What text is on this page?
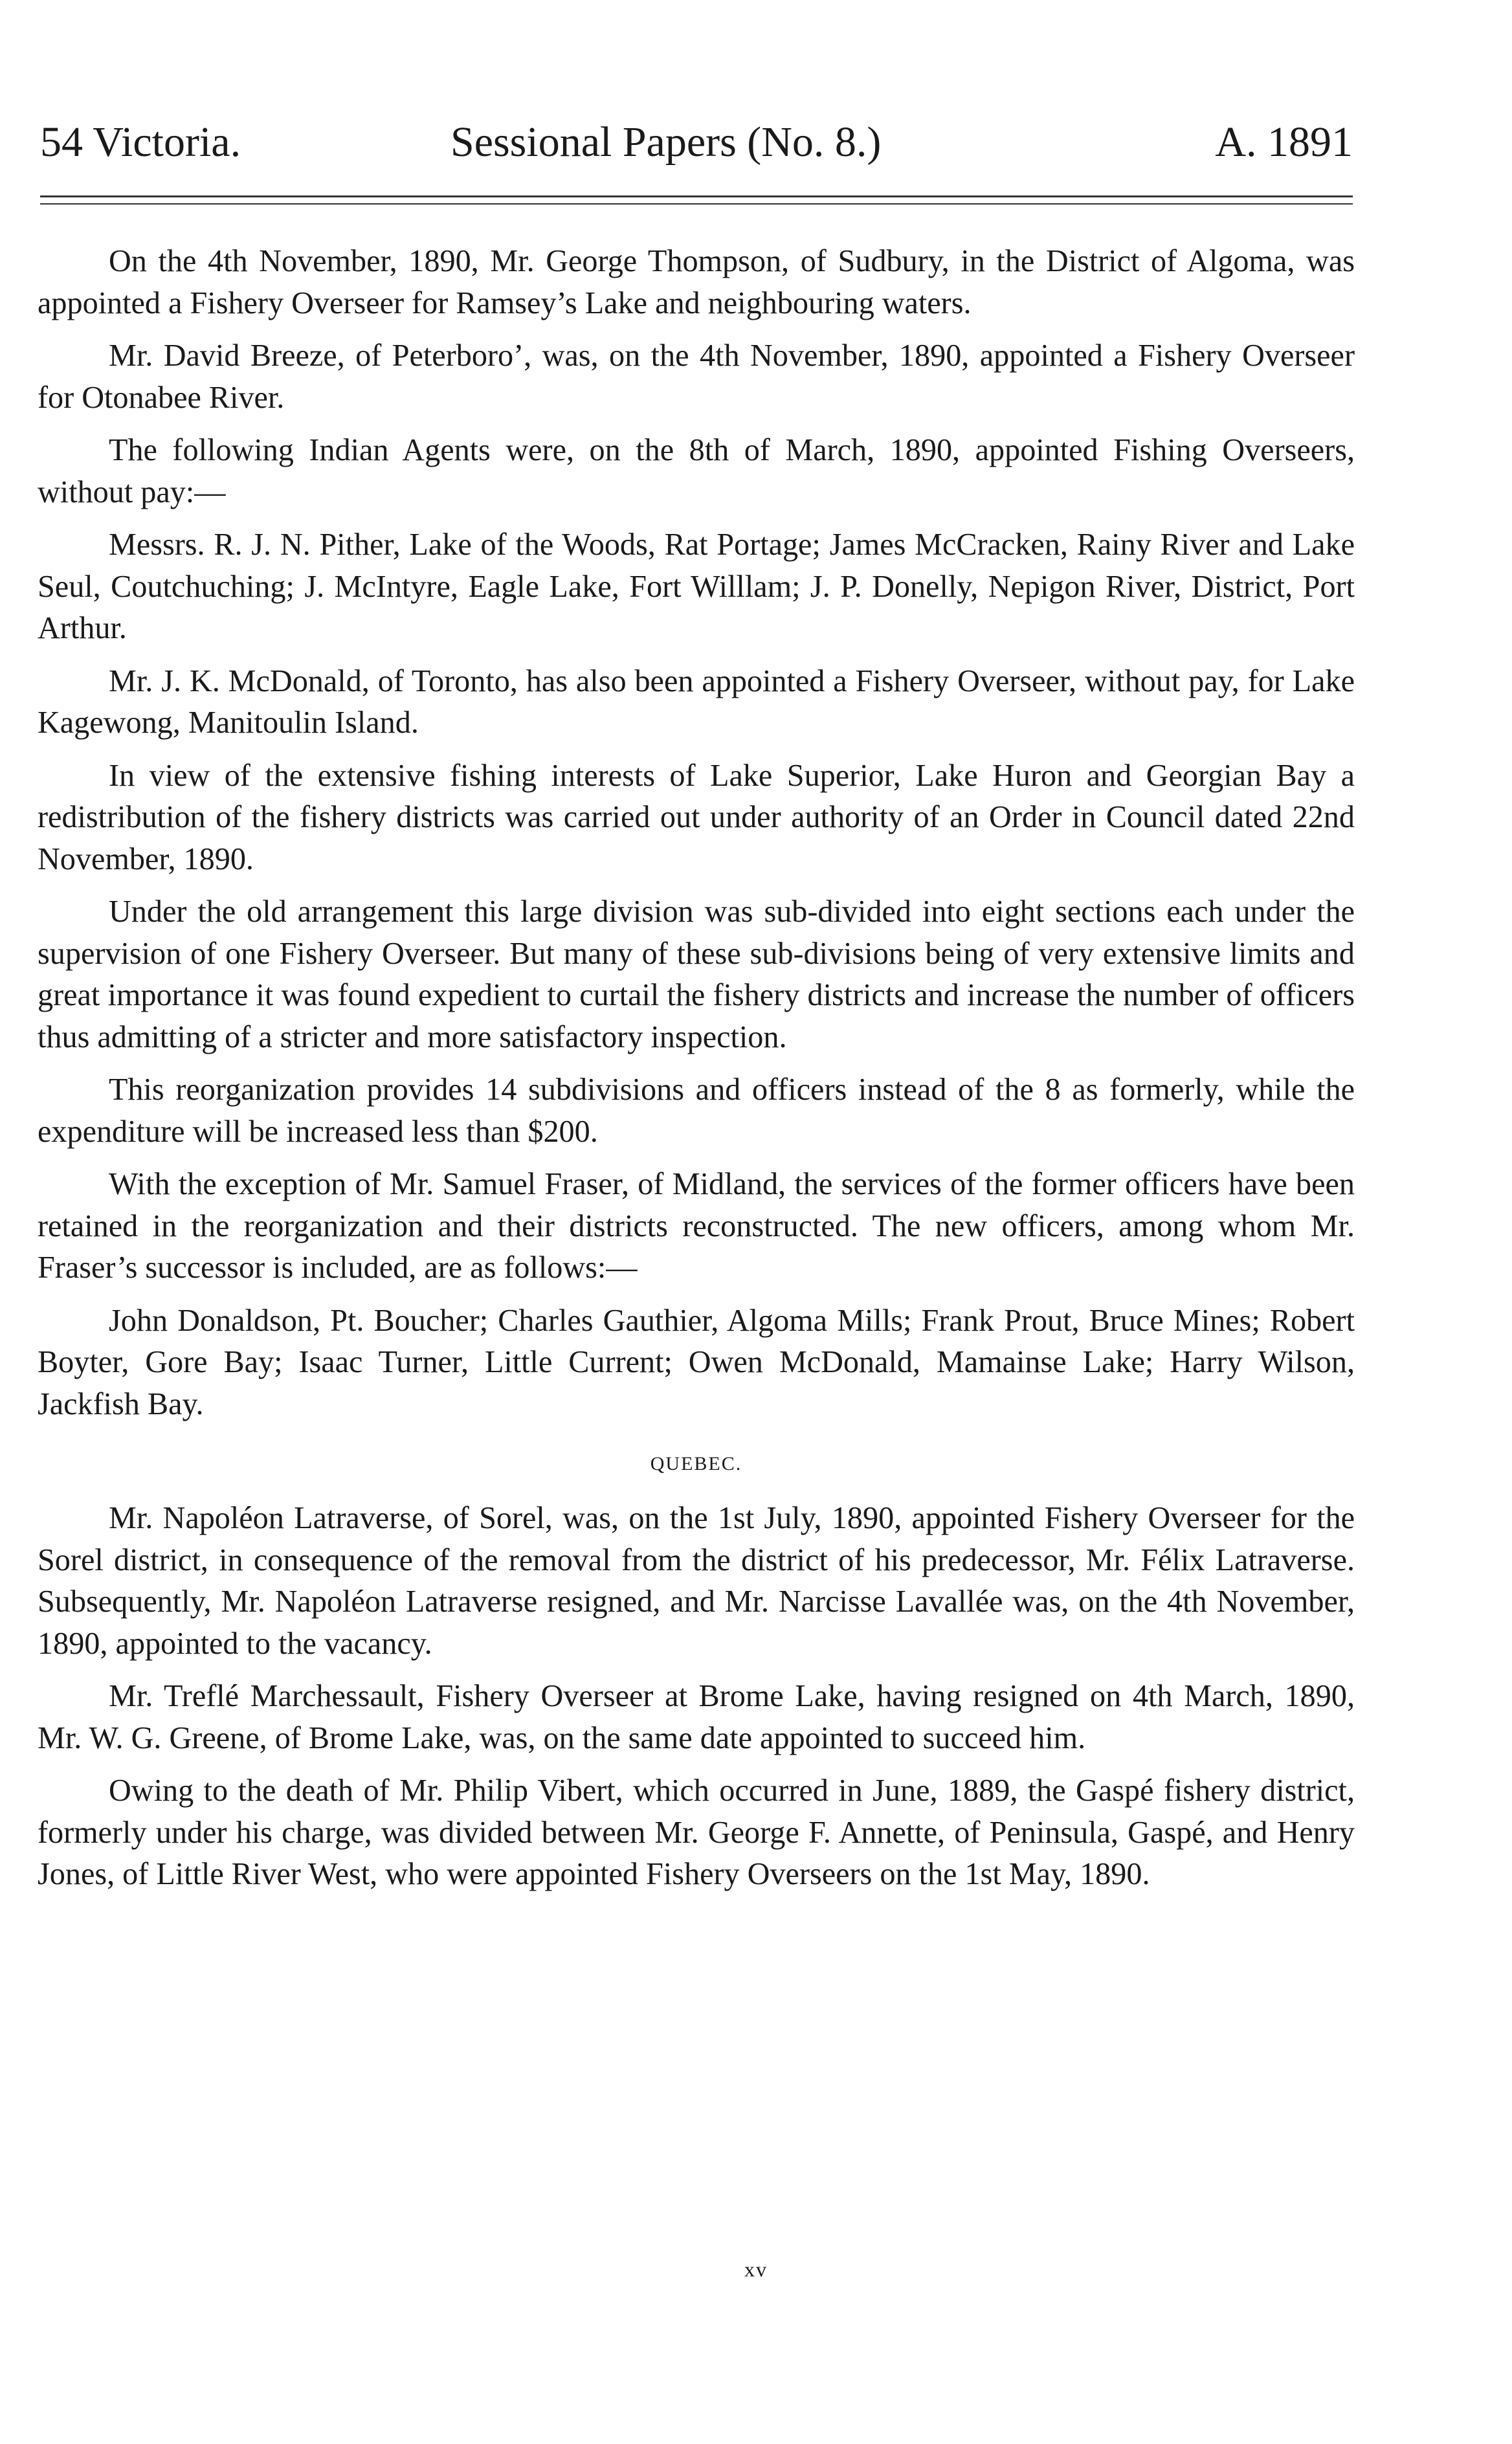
54 Victoria.	Sessional Papers (No. 8.)	A. 1891

On the 4th November, 1890, Mr. George Thompson, of Sudbury, in the District of Algoma, was appointed a Fishery Overseer for Ramsey’s Lake and neighbouring waters.

Mr. David Breeze, of Peterboro’, was, on the 4th November, 1890, appointed a Fishery Overseer for Otonabee River.

The following Indian Agents were, on the 8th of March, 1890, appointed Fishing Overseers, without pay:—

Messrs. R. J. N. Pither, Lake of the Woods, Rat Portage; James McCracken, Rainy River and Lake Seul, Coutchuching; J. McIntyre, Eagle Lake, Fort Willlam; J. P. Donelly, Nepigon River, District, Port Arthur.

Mr. J. K. McDonald, of Toronto, has also been appointed a Fishery Overseer, without pay, for Lake Kagewong, Manitoulin Island.

In view of the extensive fishing interests of Lake Superior, Lake Huron and Georgian Bay a redistribution of the fishery districts was carried out under authority of an Order in Council dated 22nd November, 1890.

Under the old arrangement this large division was sub-divided into eight sections each under the supervision of one Fishery Overseer. But many of these sub-divisions being of very extensive limits and great importance it was found expedient to curtail the fishery districts and increase the number of officers thus admitting of a stricter and more satisfactory inspection.

This reorganization provides 14 subdivisions and officers instead of the 8 as formerly, while the expenditure will be increased less than $200.

With the exception of Mr. Samuel Fraser, of Midland, the services of the former officers have been retained in the reorganization and their districts reconstructed. The new officers, among whom Mr. Fraser’s successor is included, are as follows:—

John Donaldson, Pt. Boucher; Charles Gauthier, Algoma Mills; Frank Prout, Bruce Mines; Robert Boyter, Gore Bay; Isaac Turner, Little Current; Owen McDonald, Mamainse Lake; Harry Wilson, Jackfish Bay.

QUEBEC.

Mr. Napoléon Latraverse, of Sorel, was, on the 1st July, 1890, appointed Fishery Overseer for the Sorel district, in consequence of the removal from the district of his predecessor, Mr. Félix Latraverse. Subsequently, Mr. Napoléon Latraverse resigned, and Mr. Narcisse Lavallée was, on the 4th November, 1890, appointed to the vacancy.

Mr. Treflé Marchessault, Fishery Overseer at Brome Lake, having resigned on 4th March, 1890, Mr. W. G. Greene, of Brome Lake, was, on the same date appointed to succeed him.

Owing to the death of Mr. Philip Vibert, which occurred in June, 1889, the Gaspé fishery district, formerly under his charge, was divided between Mr. George F. Annette, of Peninsula, Gaspé, and Henry Jones, of Little River West, who were appointed Fishery Overseers on the 1st May, 1890.

xv
